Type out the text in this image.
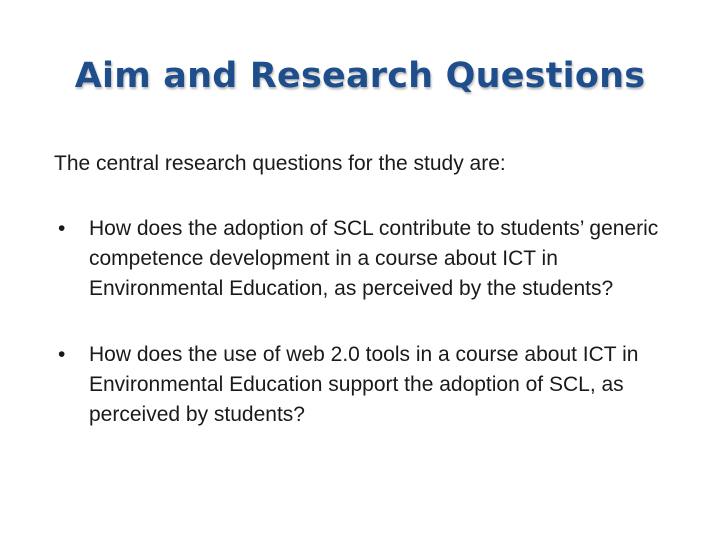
Aim and Research Questions
The central research questions for the study are:
• How does the adoption of SCL contribute to students’ generic competence development in a course about ICT in Environmental Education, as perceived by the students?
• How does the use of web 2.0 tools in a course about ICT in Environmental Education support the adoption of SCL, as perceived by students?
